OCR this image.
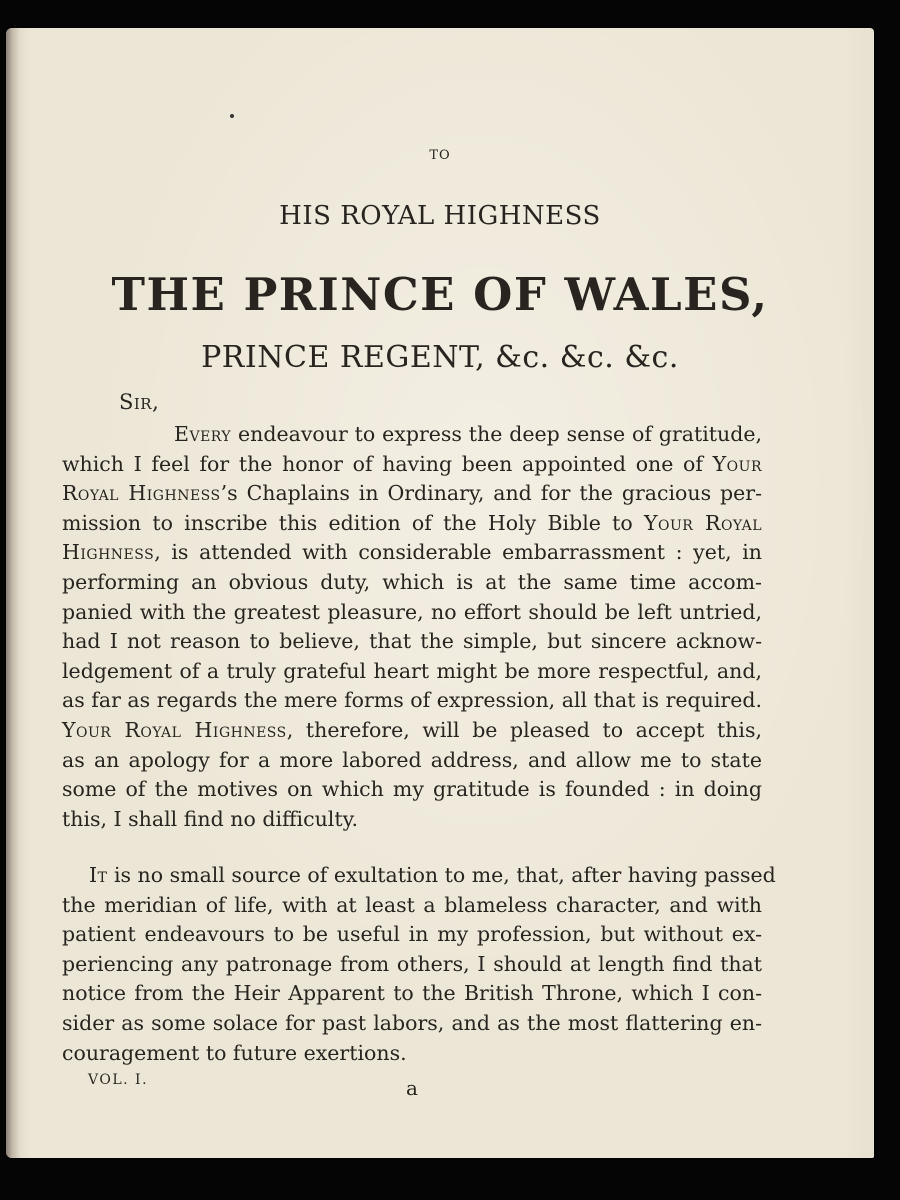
TO
HIS ROYAL HIGHNESS
THE PRINCE OF WALES,
PRINCE REGENT, &c. &c. &c.
Sir,
Every endeavour to express the deep sense of gratitude,
which I feel for the honor of having been appointed one of Your
Royal Highness’s Chaplains in Ordinary, and for the gracious per-
mission to inscribe this edition of the Holy Bible to Your Royal
Highness, is attended with considerable embarrassment : yet, in
performing an obvious duty, which is at the same time accom-
panied with the greatest pleasure, no effort should be left untried,
had I not reason to believe, that the simple, but sincere acknow-
ledgement of a truly grateful heart might be more respectful, and,
as far as regards the mere forms of expression, all that is required.
Your Royal Highness, therefore, will be pleased to accept this,
as an apology for a more labored address, and allow me to state
some of the motives on which my gratitude is founded : in doing
this, I shall find no difficulty.
It is no small source of exultation to me, that, after having passed
the meridian of life, with at least a blameless character, and with
patient endeavours to be useful in my profession, but without ex-
periencing any patronage from others, I should at length find that
notice from the Heir Apparent to the British Throne, which I con-
sider as some solace for past labors, and as the most flattering en-
couragement to future exertions.
VOL. I.	a
